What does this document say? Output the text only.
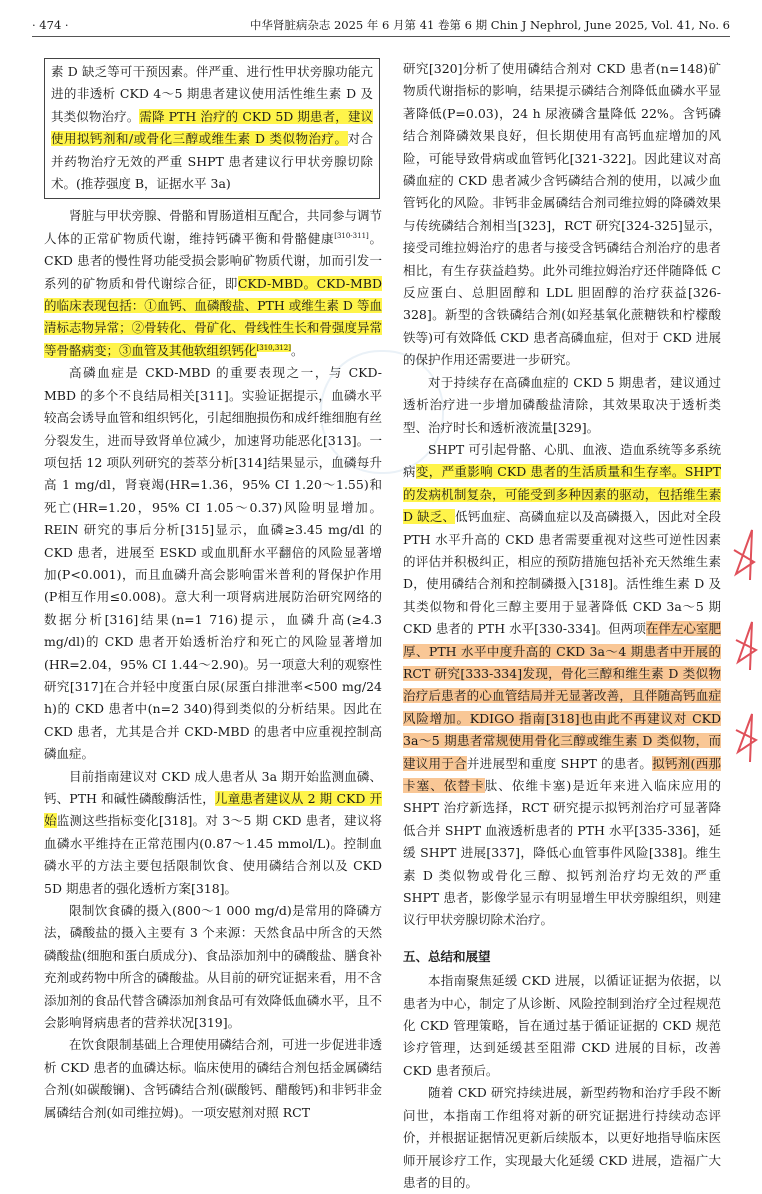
· 474 ·	中华肾脏病杂志 2025 年 6 月第 41 卷第 6 期 Chin J Nephrol, June 2025, Vol. 41, No. 6

素 D 缺乏等可干预因素。伴严重、进行性甲状旁腺功能亢进的非透析 CKD 4～5 期患者建议使用活性维生素 D 及其类似物治疗。需降 PTH 治疗的 CKD 5D 期患者，建议使用拟钙剂和/或骨化三醇或维生素 D 类似物治疗。对合并药物治疗无效的严重 SHPT 患者建议行甲状旁腺切除术。(推荐强度 B，证据水平 3a)

肾脏与甲状旁腺、骨骼和胃肠道相互配合，共同参与调节人体的正常矿物质代谢，维持钙磷平衡和骨骼健康[310-311]。CKD 患者的慢性肾功能受损会影响矿物质代谢，加而引发一系列的矿物质和骨代谢综合征，即CKD-MBD。CKD-MBD 的临床表现包括：①血钙、血磷酸盐、PTH 或维生素 D 等血清标志物异常；②骨转化、骨矿化、骨线性生长和骨强度异常等骨骼病变；③血管及其他软组织钙化[310,312]。

高磷血症是 CKD-MBD 的重要表现之一，与 CKD-MBD 的多个不良结局相关[311]。实验证据提示，血磷水平较高会诱导血管和组织钙化，引起细胞损伤和成纤维细胞有丝分裂发生，进而导致肾单位减少，加速肾功能恶化[313]。一项包括 12 项队列研究的荟萃分析[314]结果显示，血磷每升高 1 mg/dl，肾衰竭(HR=1.36，95% CI 1.20～1.55)和死亡(HR=1.20，95% CI 1.05～0.37)风险明显增加。REIN 研究的事后分析[315]显示，血磷≥3.45 mg/dl 的 CKD 患者，进展至 ESKD 或血肌酐水平翻倍的风险显著增加(P<0.001)，而且血磷升高会影响雷米普利的肾保护作用(P相互作用≤0.008)。意大利一项肾病进展防治研究网络的数据分析[316]结果(n=1 716)提示，血磷升高(≥4.3 mg/dl)的 CKD 患者开始透析治疗和死亡的风险显著增加(HR=2.04，95% CI 1.44～2.90)。另一项意大利的观察性研究[317]在合并轻中度蛋白尿(尿蛋白排泄率<500 mg/24 h)的 CKD 患者中(n=2 340)得到类似的分析结果。因此在 CKD 患者，尤其是合并 CKD-MBD 的患者中应重视控制高磷血症。

目前指南建议对 CKD 成人患者从 3a 期开始监测血磷、钙、PTH 和碱性磷酸酶活性，儿童患者建议从 2 期 CKD 开始监测这些指标变化[318]。对 3～5 期 CKD 患者，建议将血磷水平维持在正常范围内(0.87～1.45 mmol/L)。控制血磷水平的方法主要包括限制饮食、使用磷结合剂以及 CKD 5D 期患者的强化透析方案[318]。

限制饮食磷的摄入(800～1 000 mg/d)是常用的降磷方法，磷酸盐的摄入主要有 3 个来源：天然食品中所含的天然磷酸盐(细胞和蛋白质成分)、食品添加剂中的磷酸盐、膳食补充剂或药物中所含的磷酸盐。从目前的研究证据来看，用不含添加剂的食品代替含磷添加剂食品可有效降低血磷水平，且不会影响肾病患者的营养状况[319]。

在饮食限制基础上合理使用磷结合剂，可进一步促进非透析 CKD 患者的血磷达标。临床使用的磷结合剂包括金属磷结合剂(如碳酸镧)、含钙磷结合剂(碳酸钙、醋酸钙)和非钙非金属磷结合剂(如司维拉姆)。一项安慰剂对照 RCT

研究[320]分析了使用磷结合剂对 CKD 患者(n=148)矿物质代谢指标的影响，结果提示磷结合剂降低血磷水平显著降低(P=0.03)，24 h 尿液磷含量降低 22%。含钙磷结合剂降磷效果良好，但长期使用有高钙血症增加的风险，可能导致骨病或血管钙化[321-322]。因此建议对高磷血症的 CKD 患者减少含钙磷结合剂的使用，以减少血管钙化的风险。非钙非金属磷结合剂司维拉姆的降磷效果与传统磷结合剂相当[323]，RCT 研究[324-325]显示，接受司维拉姆治疗的患者与接受含钙磷结合剂治疗的患者相比，有生存获益趋势。此外司维拉姆治疗还伴随降低 C 反应蛋白、总胆固醇和 LDL 胆固醇的治疗获益[326-328]。新型的含铁磷结合剂(如羟基氧化蔗糖铁和柠檬酸铁等)可有效降低 CKD 患者高磷血症，但对于 CKD 进展的保护作用还需要进一步研究。

对于持续存在高磷血症的 CKD 5 期患者，建议通过透析治疗进一步增加磷酸盐清除，其效果取决于透析类型、治疗时长和透析液流量[329]。

SHPT 可引起骨骼、心肌、血液、造血系统等多系统病变，严重影响 CKD 患者的生活质量和生存率。SHPT 的发病机制复杂，可能受到多种因素的驱动，包括维生素 D 缺乏、低钙血症、高磷血症以及高磷摄入，因此对全段 PTH 水平升高的 CKD 患者需要重视对这些可逆性因素的评估并积极纠正，相应的预防措施包括补充天然维生素 D，使用磷结合剂和控制磷摄入[318]。活性维生素 D 及其类似物和骨化三醇主要用于显著降低 CKD 3a～5 期 CKD 患者的 PTH 水平[330-334]。但两项在伴左心室肥厚、PTH 水平中度升高的 CKD 3a～4 期患者中开展的 RCT 研究[333-334]发现，骨化三醇和维生素 D 类似物治疗后患者的心血管结局并无显著改善，且伴随高钙血症风险增加。KDIGO 指南[318]也由此不再建议对 CKD 3a～5 期患者常规使用骨化三醇或维生素 D 类似物，而建议用于合并进展型和重度 SHPT 的患者。拟钙剂(西那卡塞、依替卡肽、依维卡塞)是近年来进入临床应用的 SHPT 治疗新选择，RCT 研究提示拟钙剂治疗可显著降低合并 SHPT 血液透析患者的 PTH 水平[335-336]，延缓 SHPT 进展[337]，降低心血管事件风险[338]。维生素 D 类似物或骨化三醇、拟钙剂治疗均无效的严重 SHPT 患者，影像学显示有明显增生甲状旁腺组织，则建议行甲状旁腺切除术治疗。

五、总结和展望

本指南聚焦延缓 CKD 进展，以循证证据为依据，以患者为中心，制定了从诊断、风险控制到治疗全过程规范化 CKD 管理策略，旨在通过基于循证证据的 CKD 规范诊疗管理，达到延缓甚至阻滞 CKD 进展的目标，改善 CKD 患者预后。

随着 CKD 研究持续进展，新型药物和治疗手段不断问世，本指南工作组将对新的研究证据进行持续动态评价，并根据证据情况更新后续版本，以更好地指导临床医师开展诊疗工作，实现最大化延缓 CKD 进展，造福广大患者的目的。
